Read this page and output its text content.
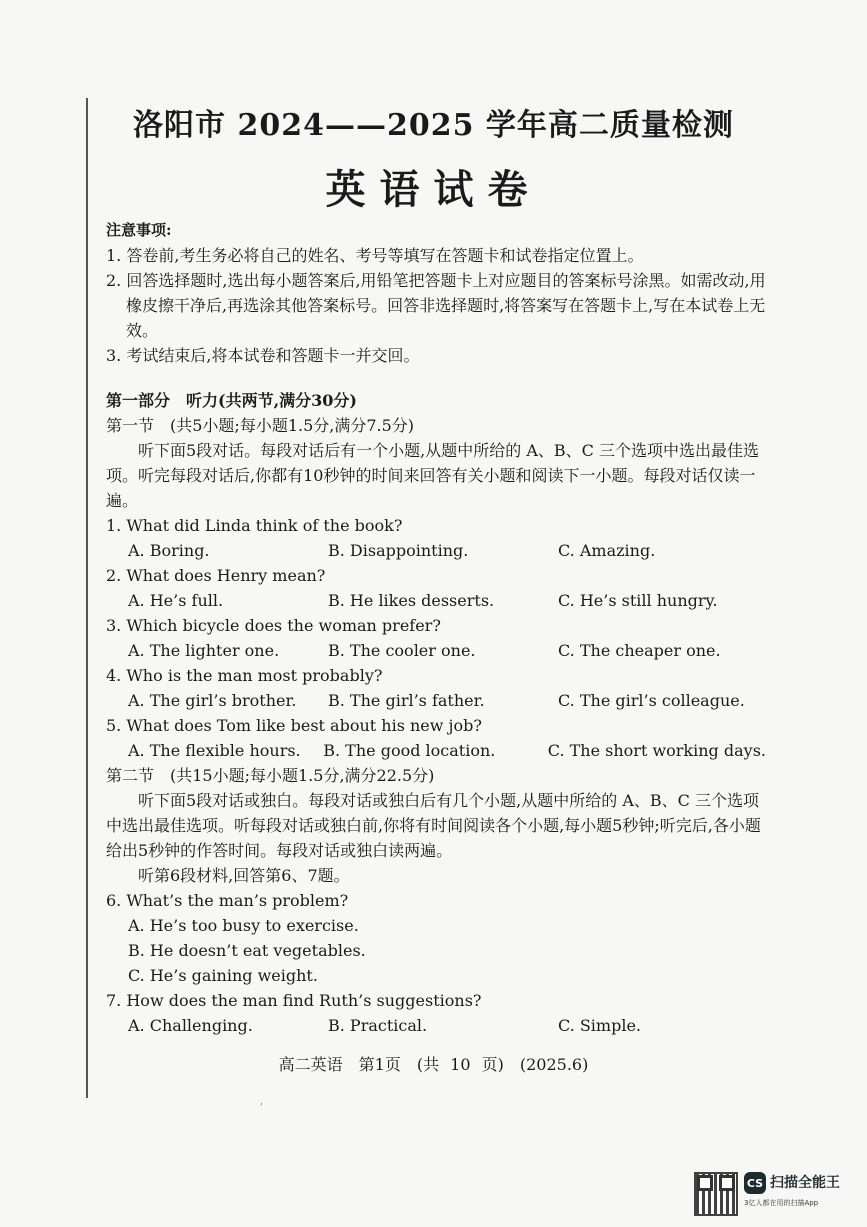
洛阳市 2024——2025 学年高二质量检测
英语试卷
注意事项:
1. 答卷前,考生务必将自己的姓名、考号等填写在答题卡和试卷指定位置上。
2. 回答选择题时,选出每小题答案后,用铅笔把答题卡上对应题目的答案标号涂黑。如需改动,用橡皮擦干净后,再选涂其他答案标号。回答非选择题时,将答案写在答题卡上,写在本试卷上无效。
3. 考试结束后,将本试卷和答题卡一并交回。
第一部分　听力(共两节,满分30分)
第一节　(共5小题;每小题1.5分,满分7.5分)
听下面5段对话。每段对话后有一个小题,从题中所给的 A、B、C 三个选项中选出最佳选项。听完每段对话后,你都有10秒钟的时间来回答有关小题和阅读下一小题。每段对话仅读一遍。
1. What did Linda think of the book?
A. Boring.	B. Disappointing.	C. Amazing.
2. What does Henry mean?
A. He’s full.	B. He likes desserts.	C. He’s still hungry.
3. Which bicycle does the woman prefer?
A. The lighter one.	B. The cooler one.	C. The cheaper one.
4. Who is the man most probably?
A. The girl’s brother.	B. The girl’s father.	C. The girl’s colleague.
5. What does Tom like best about his new job?
A. The flexible hours.	B. The good location.	C. The short working days.
第二节　(共15小题;每小题1.5分,满分22.5分)
听下面5段对话或独白。每段对话或独白后有几个小题,从题中所给的 A、B、C 三个选项中选出最佳选项。听每段对话或独白前,你将有时间阅读各个小题,每小题5秒钟;听完后,各小题给出5秒钟的作答时间。每段对话或独白读两遍。
听第6段材料,回答第6、7题。
6. What’s the man’s problem?
A. He’s too busy to exercise.
B. He doesn’t eat vegetables.
C. He’s gaining weight.
7. How does the man find Ruth’s suggestions?
A. Challenging.	B. Practical.	C. Simple.
高二英语　第1页　(共 10 页)　(2025.6)
,
CS 扫描全能王
3亿人都在用的扫描App
